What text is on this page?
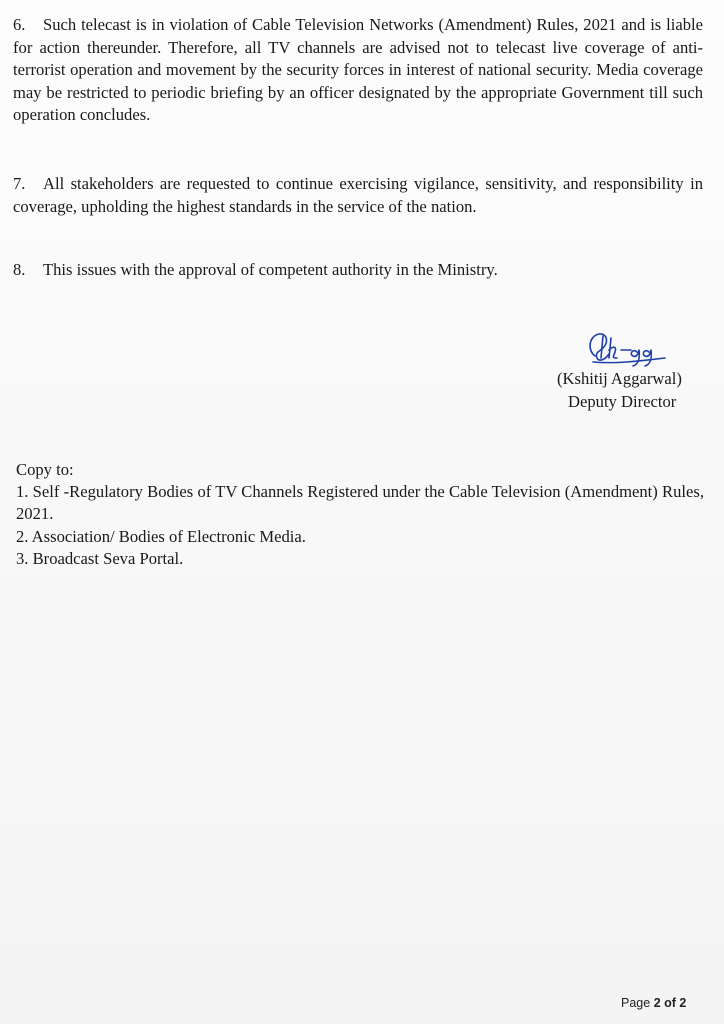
6. Such telecast is in violation of Cable Television Networks (Amendment) Rules, 2021 and is liable for action thereunder. Therefore, all TV channels are advised not to telecast live coverage of anti-terrorist operation and movement by the security forces in interest of national security. Media coverage may be restricted to periodic briefing by an officer designated by the appropriate Government till such operation concludes.
7. All stakeholders are requested to continue exercising vigilance, sensitivity, and responsibility in coverage, upholding the highest standards in the service of the nation.
8. This issues with the approval of competent authority in the Ministry.
(Kshitij Aggarwal)
Deputy Director
Copy to:
1. Self -Regulatory Bodies of TV Channels Registered under the Cable Television (Amendment) Rules, 2021.
2. Association/ Bodies of Electronic Media.
3. Broadcast Seva Portal.
Page 2 of 2
